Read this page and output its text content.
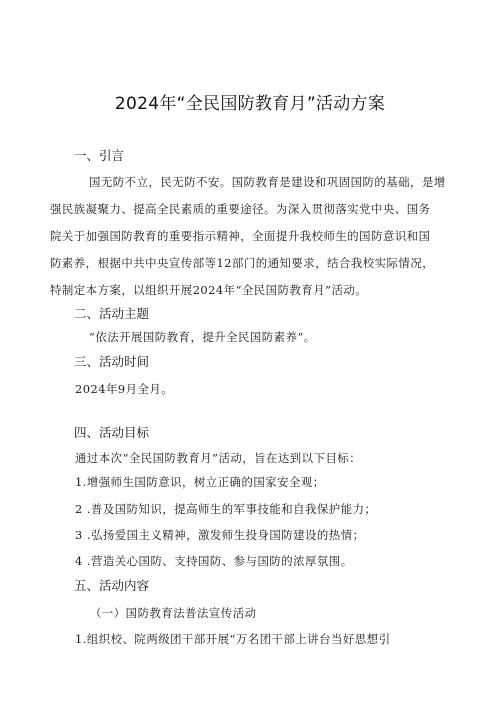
2024年“全民国防教育月”活动方案
一、引言
国无防不立，民无防不安。国防教育是建设和巩固国防的基础，是增
强民族凝聚力、提高全民素质的重要途径。为深入贯彻落实党中央、国务
院关于加强国防教育的重要指示精神，全面提升我校师生的国防意识和国
防素养，根据中共中央宣传部等12部门的通知要求，结合我校实际情况，
特制定本方案，以组织开展2024年“全民国防教育月”活动。
二、活动主题
“依法开展国防教育，提升全民国防素养”。
三、活动时间
2024年9月全月。
四、活动目标
通过本次“全民国防教育月”活动，旨在达到以下目标：
1.增强师生国防意识，树立正确的国家安全观；
2 .普及国防知识，提高师生的军事技能和自我保护能力；
3 .弘扬爱国主义精神，激发师生投身国防建设的热情；
4 .营造关心国防、支持国防、参与国防的浓厚氛围。
五、活动内容
（一）国防教育法普法宣传活动
1.组织校、院两级团干部开展“万名团干部上讲台当好思想引
